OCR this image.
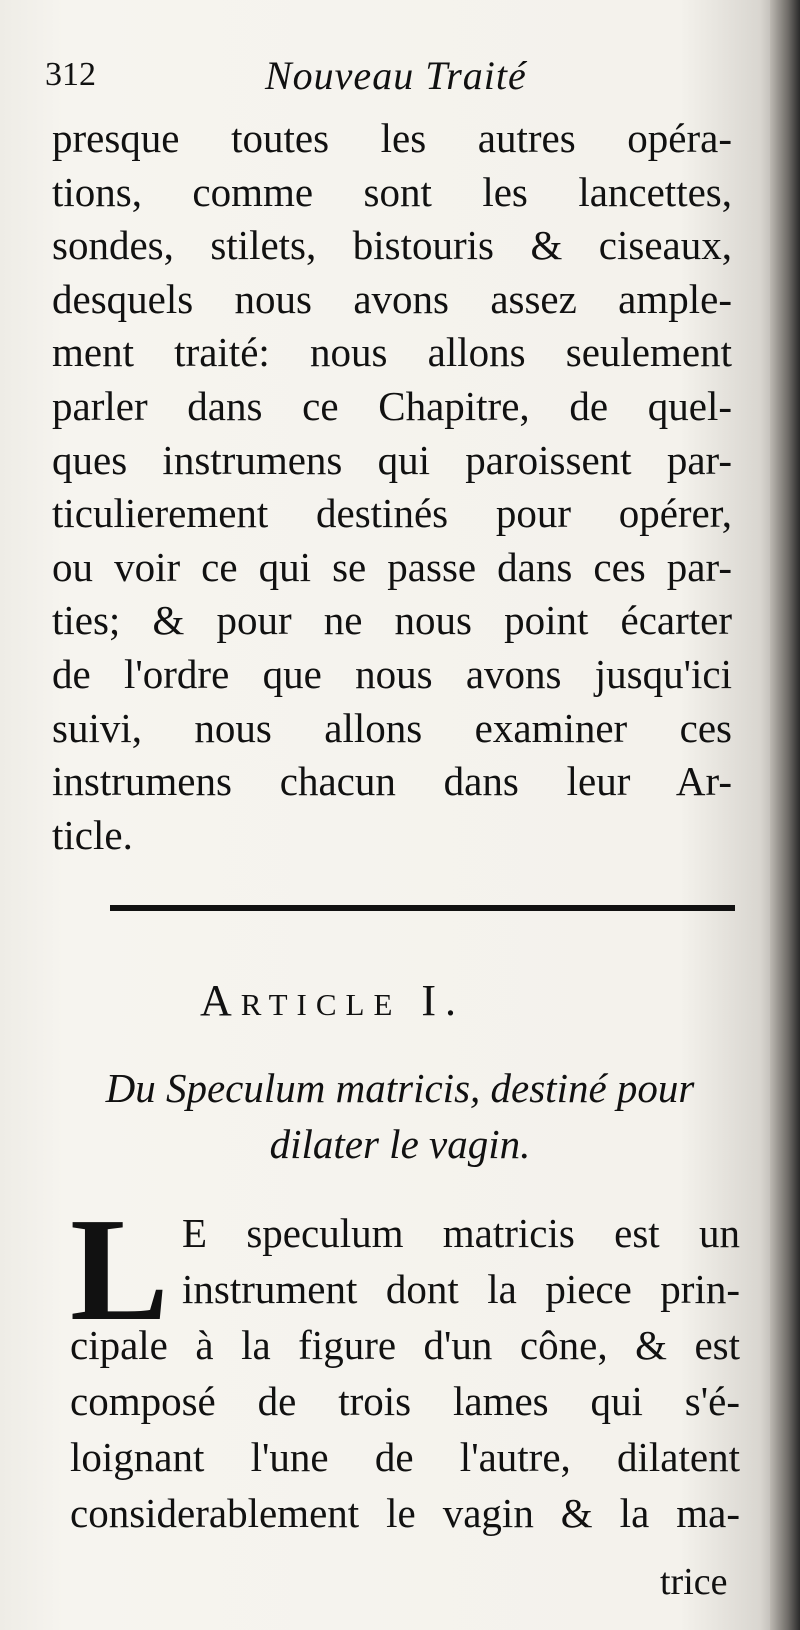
312	Nouveau Traité
presque toutes les autres opéra-
tions, comme sont les lancettes,
sondes, stilets, bistouris & ciseaux,
desquels nous avons assez ample-
ment traité: nous allons seulement
parler dans ce Chapitre, de quel-
ques instrumens qui paroissent par-
ticulierement destinés pour opérer,
ou voir ce qui se passe dans ces par-
ties; & pour ne nous point écarter
de l'ordre que nous avons jusqu'ici
suivi, nous allons examiner ces
instrumens chacun dans leur Ar-
ticle.
Article I.
Du Speculum matricis, destiné pour
dilater le vagin.
L E speculum matricis est un
instrument dont la piece prin-
cipale à la figure d'un cône, & est
composé de trois lames qui s'é-
loignant l'une de l'autre, dilatent
considerablement le vagin & la ma-
trice
